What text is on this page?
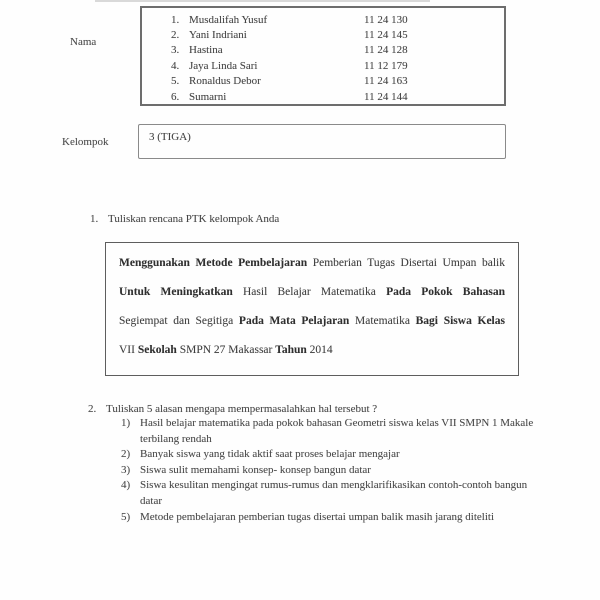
Nama
1. Musdalifah Yusuf	11 24 130
2. Yani Indriani	11 24 145
3. Hastina	11 24 128
4. Jaya Linda Sari	11 12 179
5. Ronaldus Debor	11 24 163
6. Sumarni	11 24 144
Kelompok	3 (TIGA)
1. Tuliskan rencana PTK kelompok Anda
Menggunakan Metode Pembelajaran Pemberian Tugas Disertai Umpan balik
Untuk Meningkatkan Hasil Belajar Matematika Pada Pokok Bahasan
Segiempat dan Segitiga Pada Mata Pelajaran Matematika Bagi Siswa Kelas
VII Sekolah SMPN 27 Makassar Tahun 2014
2. Tuliskan 5 alasan mengapa mempermasalahkan hal tersebut ?
1) Hasil belajar matematika pada pokok bahasan Geometri siswa kelas VII SMPN 1 Makale terbilang rendah
2) Banyak siswa yang tidak aktif saat proses belajar mengajar
3) Siswa sulit memahami konsep- konsep bangun datar
4) Siswa kesulitan mengingat rumus-rumus dan mengklarifikasikan contoh-contoh bangun datar
5) Metode pembelajaran pemberian tugas disertai umpan balik masih jarang diteliti
